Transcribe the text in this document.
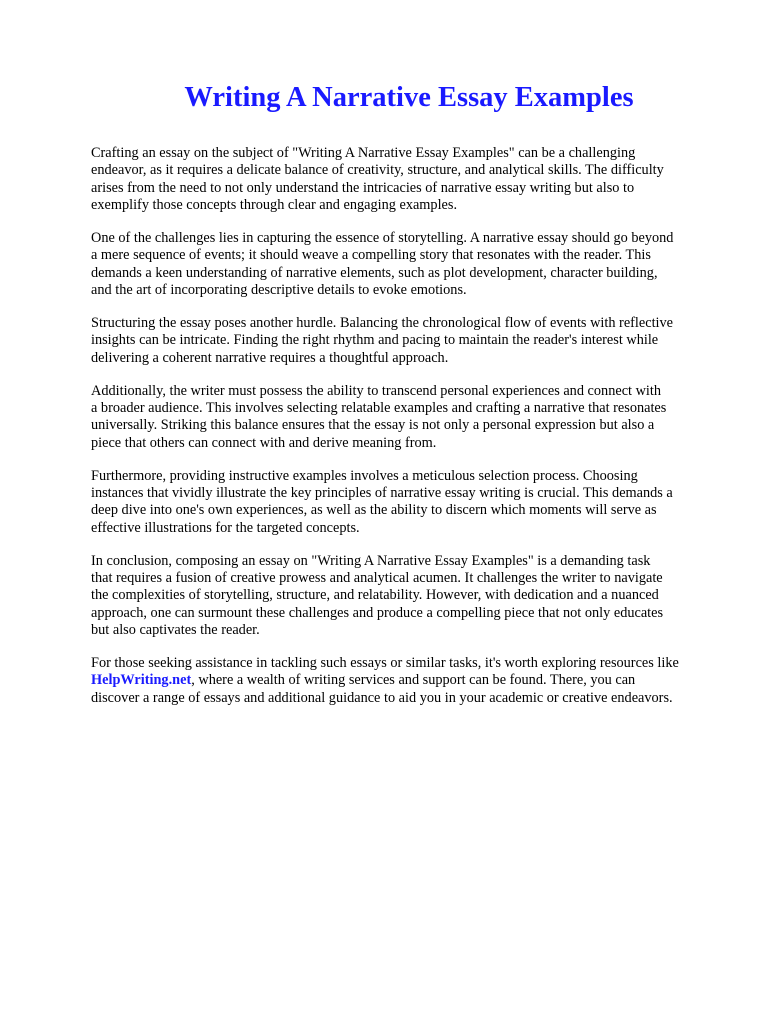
Writing A Narrative Essay Examples

Crafting an essay on the subject of "Writing A Narrative Essay Examples" can be a challenging
endeavor, as it requires a delicate balance of creativity, structure, and analytical skills. The difficulty
arises from the need to not only understand the intricacies of narrative essay writing but also to
exemplify those concepts through clear and engaging examples.

One of the challenges lies in capturing the essence of storytelling. A narrative essay should go beyond
a mere sequence of events; it should weave a compelling story that resonates with the reader. This
demands a keen understanding of narrative elements, such as plot development, character building,
and the art of incorporating descriptive details to evoke emotions.

Structuring the essay poses another hurdle. Balancing the chronological flow of events with reflective
insights can be intricate. Finding the right rhythm and pacing to maintain the reader's interest while
delivering a coherent narrative requires a thoughtful approach.

Additionally, the writer must possess the ability to transcend personal experiences and connect with
a broader audience. This involves selecting relatable examples and crafting a narrative that resonates
universally. Striking this balance ensures that the essay is not only a personal expression but also a
piece that others can connect with and derive meaning from.

Furthermore, providing instructive examples involves a meticulous selection process. Choosing
instances that vividly illustrate the key principles of narrative essay writing is crucial. This demands a
deep dive into one's own experiences, as well as the ability to discern which moments will serve as
effective illustrations for the targeted concepts.

In conclusion, composing an essay on "Writing A Narrative Essay Examples" is a demanding task
that requires a fusion of creative prowess and analytical acumen. It challenges the writer to navigate
the complexities of storytelling, structure, and relatability. However, with dedication and a nuanced
approach, one can surmount these challenges and produce a compelling piece that not only educates
but also captivates the reader.

For those seeking assistance in tackling such essays or similar tasks, it's worth exploring resources like
HelpWriting.net, where a wealth of writing services and support can be found. There, you can
discover a range of essays and additional guidance to aid you in your academic or creative endeavors.
